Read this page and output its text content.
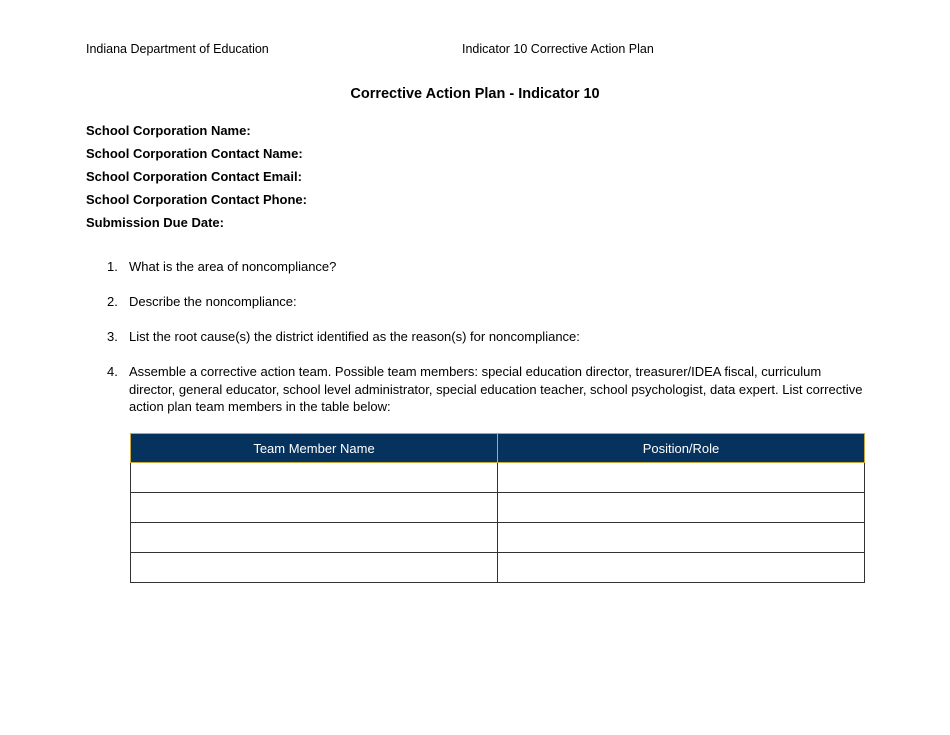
Indiana Department of Education	Indicator 10 Corrective Action Plan
Corrective Action Plan - Indicator 10
School Corporation Name:
School Corporation Contact Name:
School Corporation Contact Email:
School Corporation Contact Phone:
Submission Due Date:
1. What is the area of noncompliance?
2. Describe the noncompliance:
3. List the root cause(s) the district identified as the reason(s) for noncompliance:
4. Assemble a corrective action team. Possible team members: special education director, treasurer/IDEA fiscal, curriculum director, general educator, school level administrator, special education teacher, school psychologist, data expert. List corrective action plan team members in the table below:
Team Member Name	Position/Role
